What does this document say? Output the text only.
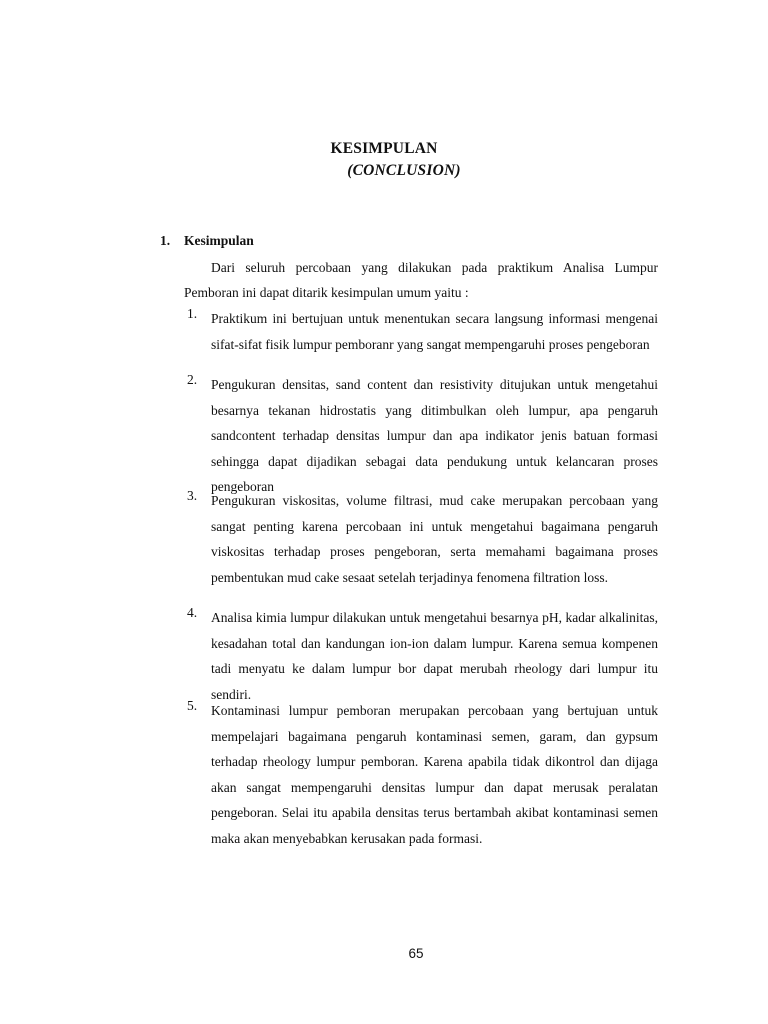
KESIMPULAN
(CONCLUSION)
1. Kesimpulan
Dari seluruh percobaan yang dilakukan pada praktikum Analisa Lumpur Pemboran ini dapat ditarik kesimpulan umum yaitu :
1.	Praktikum ini bertujuan untuk menentukan secara langsung informasi mengenai sifat-sifat fisik lumpur pemboranr yang sangat mempengaruhi proses pengeboran
2.	Pengukuran densitas, sand content dan resistivity ditujukan untuk mengetahui besarnya tekanan hidrostatis yang ditimbulkan oleh lumpur, apa pengaruh sandcontent terhadap densitas lumpur dan apa indikator jenis batuan formasi sehingga dapat dijadikan sebagai data pendukung untuk kelancaran proses pengeboran
3.	Pengukuran viskositas, volume filtrasi, mud cake merupakan percobaan yang sangat penting karena percobaan ini untuk mengetahui bagaimana pengaruh viskositas terhadap proses pengeboran, serta memahami bagaimana proses pembentukan mud cake sesaat setelah terjadinya fenomena filtration loss.
4.	Analisa kimia lumpur dilakukan untuk mengetahui besarnya pH, kadar alkalinitas, kesadahan total dan kandungan ion-ion dalam lumpur. Karena semua kompenen tadi menyatu ke dalam lumpur bor dapat merubah rheology dari lumpur itu sendiri.
5.	Kontaminasi lumpur pemboran merupakan percobaan yang bertujuan untuk mempelajari bagaimana pengaruh kontaminasi semen, garam, dan gypsum terhadap rheology lumpur pemboran. Karena apabila tidak dikontrol dan dijaga akan sangat mempengaruhi densitas lumpur dan dapat merusak peralatan pengeboran. Selai itu apabila densitas terus bertambah akibat kontaminasi semen maka akan menyebabkan kerusakan pada formasi.
65
